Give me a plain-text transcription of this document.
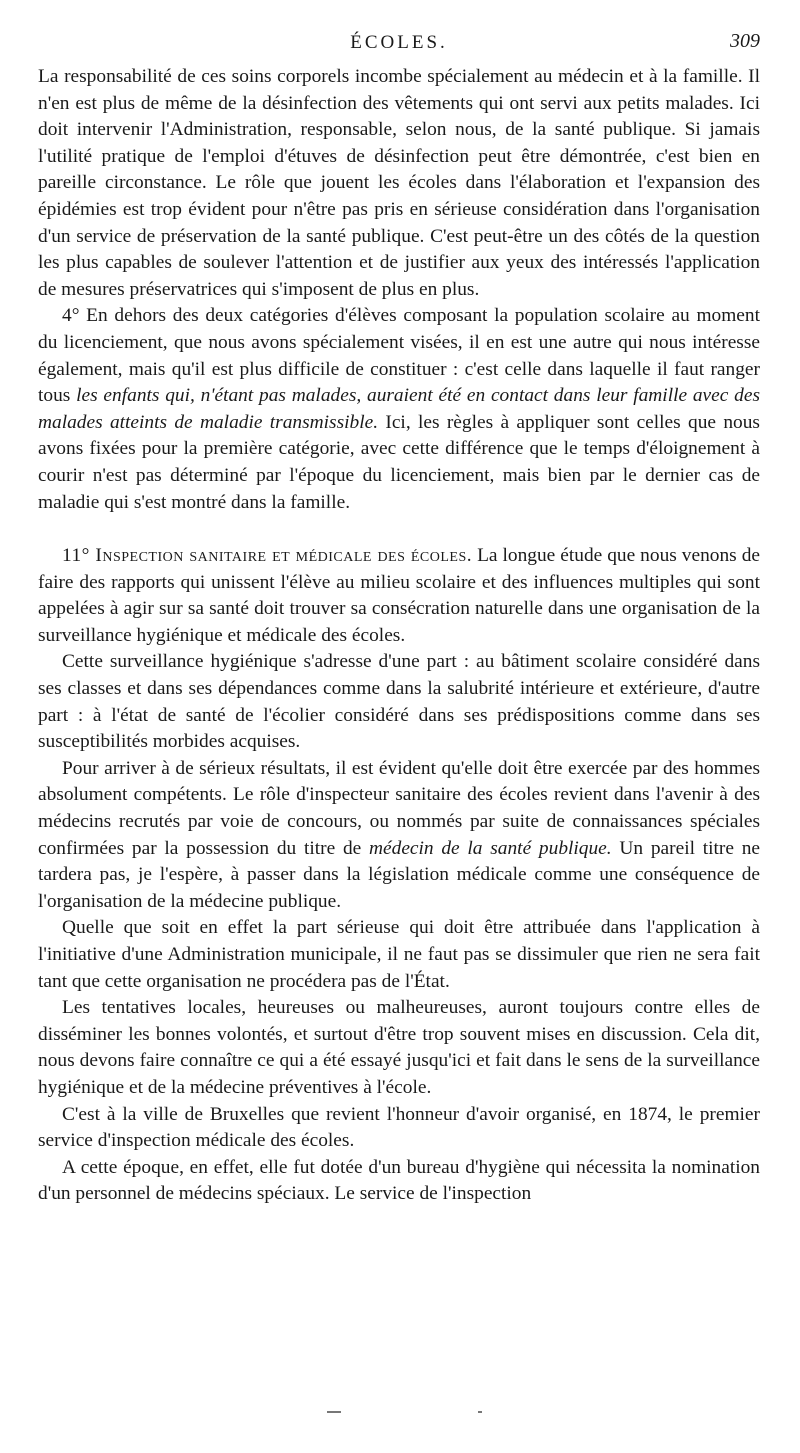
ÉCOLES.	309

La responsabilité de ces soins corporels incombe spécialement au médecin et à la famille. Il n'en est plus de même de la désinfection des vêtements qui ont servi aux petits malades. Ici doit intervenir l'Administration, responsable, selon nous, de la santé publique. Si jamais l'utilité pratique de l'emploi d'étuves de désinfection peut être démontrée, c'est bien en pareille circonstance. Le rôle que jouent les écoles dans l'élaboration et l'expansion des épidémies est trop évident pour n'être pas pris en sérieuse considération dans l'organisation d'un service de préservation de la santé publique. C'est peut-être un des côtés de la question les plus capables de soulever l'attention et de justifier aux yeux des intéressés l'application de mesures préservatrices qui s'imposent de plus en plus.

4° En dehors des deux catégories d'élèves composant la population scolaire au moment du licenciement, que nous avons spécialement visées, il en est une autre qui nous intéresse également, mais qu'il est plus difficile de constituer : c'est celle dans laquelle il faut ranger tous les enfants qui, n'étant pas malades, auraient été en contact dans leur famille avec des malades atteints de maladie transmissible. Ici, les règles à appliquer sont celles que nous avons fixées pour la première catégorie, avec cette différence que le temps d'éloignement à courir n'est pas déterminé par l'époque du licenciement, mais bien par le dernier cas de maladie qui s'est montré dans la famille.

11° Inspection sanitaire et médicale des écoles. La longue étude que nous venons de faire des rapports qui unissent l'élève au milieu scolaire et des influences multiples qui sont appelées à agir sur sa santé doit trouver sa consécration naturelle dans une organisation de la surveillance hygiénique et médicale des écoles.

Cette surveillance hygiénique s'adresse d'une part : au bâtiment scolaire considéré dans ses classes et dans ses dépendances comme dans la salubrité intérieure et extérieure, d'autre part : à l'état de santé de l'écolier considéré dans ses prédispositions comme dans ses susceptibilités morbides acquises.

Pour arriver à de sérieux résultats, il est évident qu'elle doit être exercée par des hommes absolument compétents. Le rôle d'inspecteur sanitaire des écoles revient dans l'avenir à des médecins recrutés par voie de concours, ou nommés par suite de connaissances spéciales confirmées par la possession du titre de médecin de la santé publique. Un pareil titre ne tardera pas, je l'espère, à passer dans la législation médicale comme une conséquence de l'organisation de la médecine publique.

Quelle que soit en effet la part sérieuse qui doit être attribuée dans l'application à l'initiative d'une Administration municipale, il ne faut pas se dissimuler que rien ne sera fait tant que cette organisation ne procédera pas de l'État.

Les tentatives locales, heureuses ou malheureuses, auront toujours contre elles de disséminer les bonnes volontés, et surtout d'être trop souvent mises en discussion. Cela dit, nous devons faire connaître ce qui a été essayé jusqu'ici et fait dans le sens de la surveillance hygiénique et de la médecine préventives à l'école.

C'est à la ville de Bruxelles que revient l'honneur d'avoir organisé, en 1874, le premier service d'inspection médicale des écoles.

A cette époque, en effet, elle fut dotée d'un bureau d'hygiène qui nécessita la nomination d'un personnel de médecins spéciaux. Le service de l'inspection
